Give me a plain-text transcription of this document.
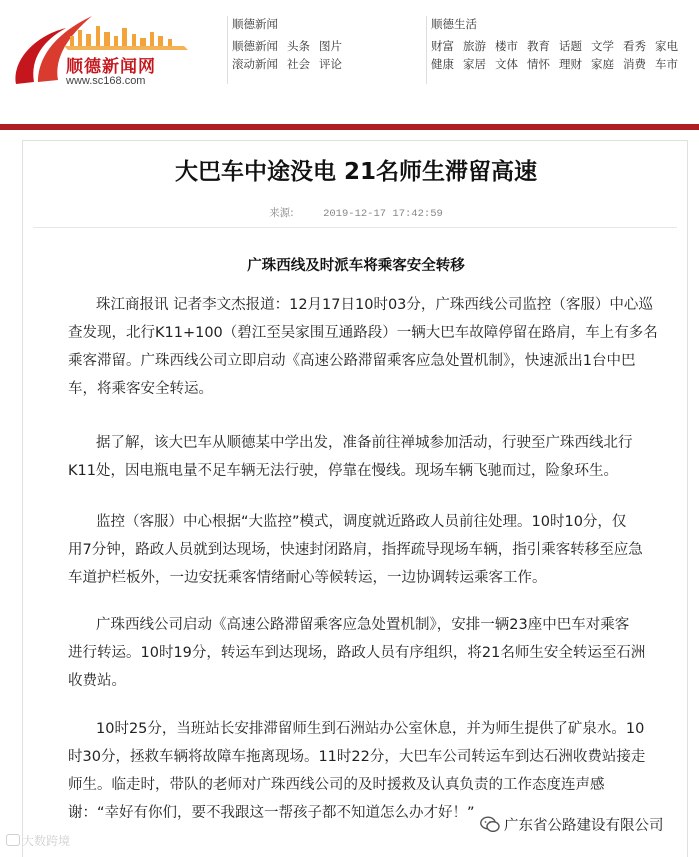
顺德新闻网
www.sc168.com
顺德新闻
顺德新闻 头条 图片
滚动新闻 社会 评论
顺德生活
财富 旅游 楼市 教育 话题 文学 看秀 家电
健康 家居 文体 情怀 理财 家庭 消费 车市
大巴车中途没电 21名师生滞留高速
来源:	2019-12-17 17:42:59
广珠西线及时派车将乘客安全转移
珠江商报讯 记者李文杰报道：12月17日10时03分，广珠西线公司监控（客服）中心巡
查发现，北行K11+100（碧江至吴家围互通路段）一辆大巴车故障停留在路肩，车上有多名
乘客滞留。广珠西线公司立即启动《高速公路滞留乘客应急处置机制》，快速派出1台中巴
车，将乘客安全转运。
据了解，该大巴车从顺德某中学出发，准备前往禅城参加活动，行驶至广珠西线北行
K11处，因电瓶电量不足车辆无法行驶，停靠在慢线。现场车辆飞驰而过，险象环生。
监控（客服）中心根据“大监控”模式，调度就近路政人员前往处理。10时10分，仅
用7分钟，路政人员就到达现场，快速封闭路肩，指挥疏导现场车辆，指引乘客转移至应急
车道护栏板外，一边安抚乘客情绪耐心等候转运，一边协调转运乘客工作。
广珠西线公司启动《高速公路滞留乘客应急处置机制》，安排一辆23座中巴车对乘客
进行转运。10时19分，转运车到达现场，路政人员有序组织，将21名师生安全转运至石洲
收费站。
10时25分，当班站长安排滞留师生到石洲站办公室休息，并为师生提供了矿泉水。10
时30分，拯救车辆将故障车拖离现场。11时22分，大巴车公司转运车到达石洲收费站接走
师生。临走时，带队的老师对广珠西线公司的及时援救及认真负责的工作态度连声感
谢：“幸好有你们，要不我跟这一帮孩子都不知道怎么办才好！”
大数跨境
广东省公路建设有限公司
